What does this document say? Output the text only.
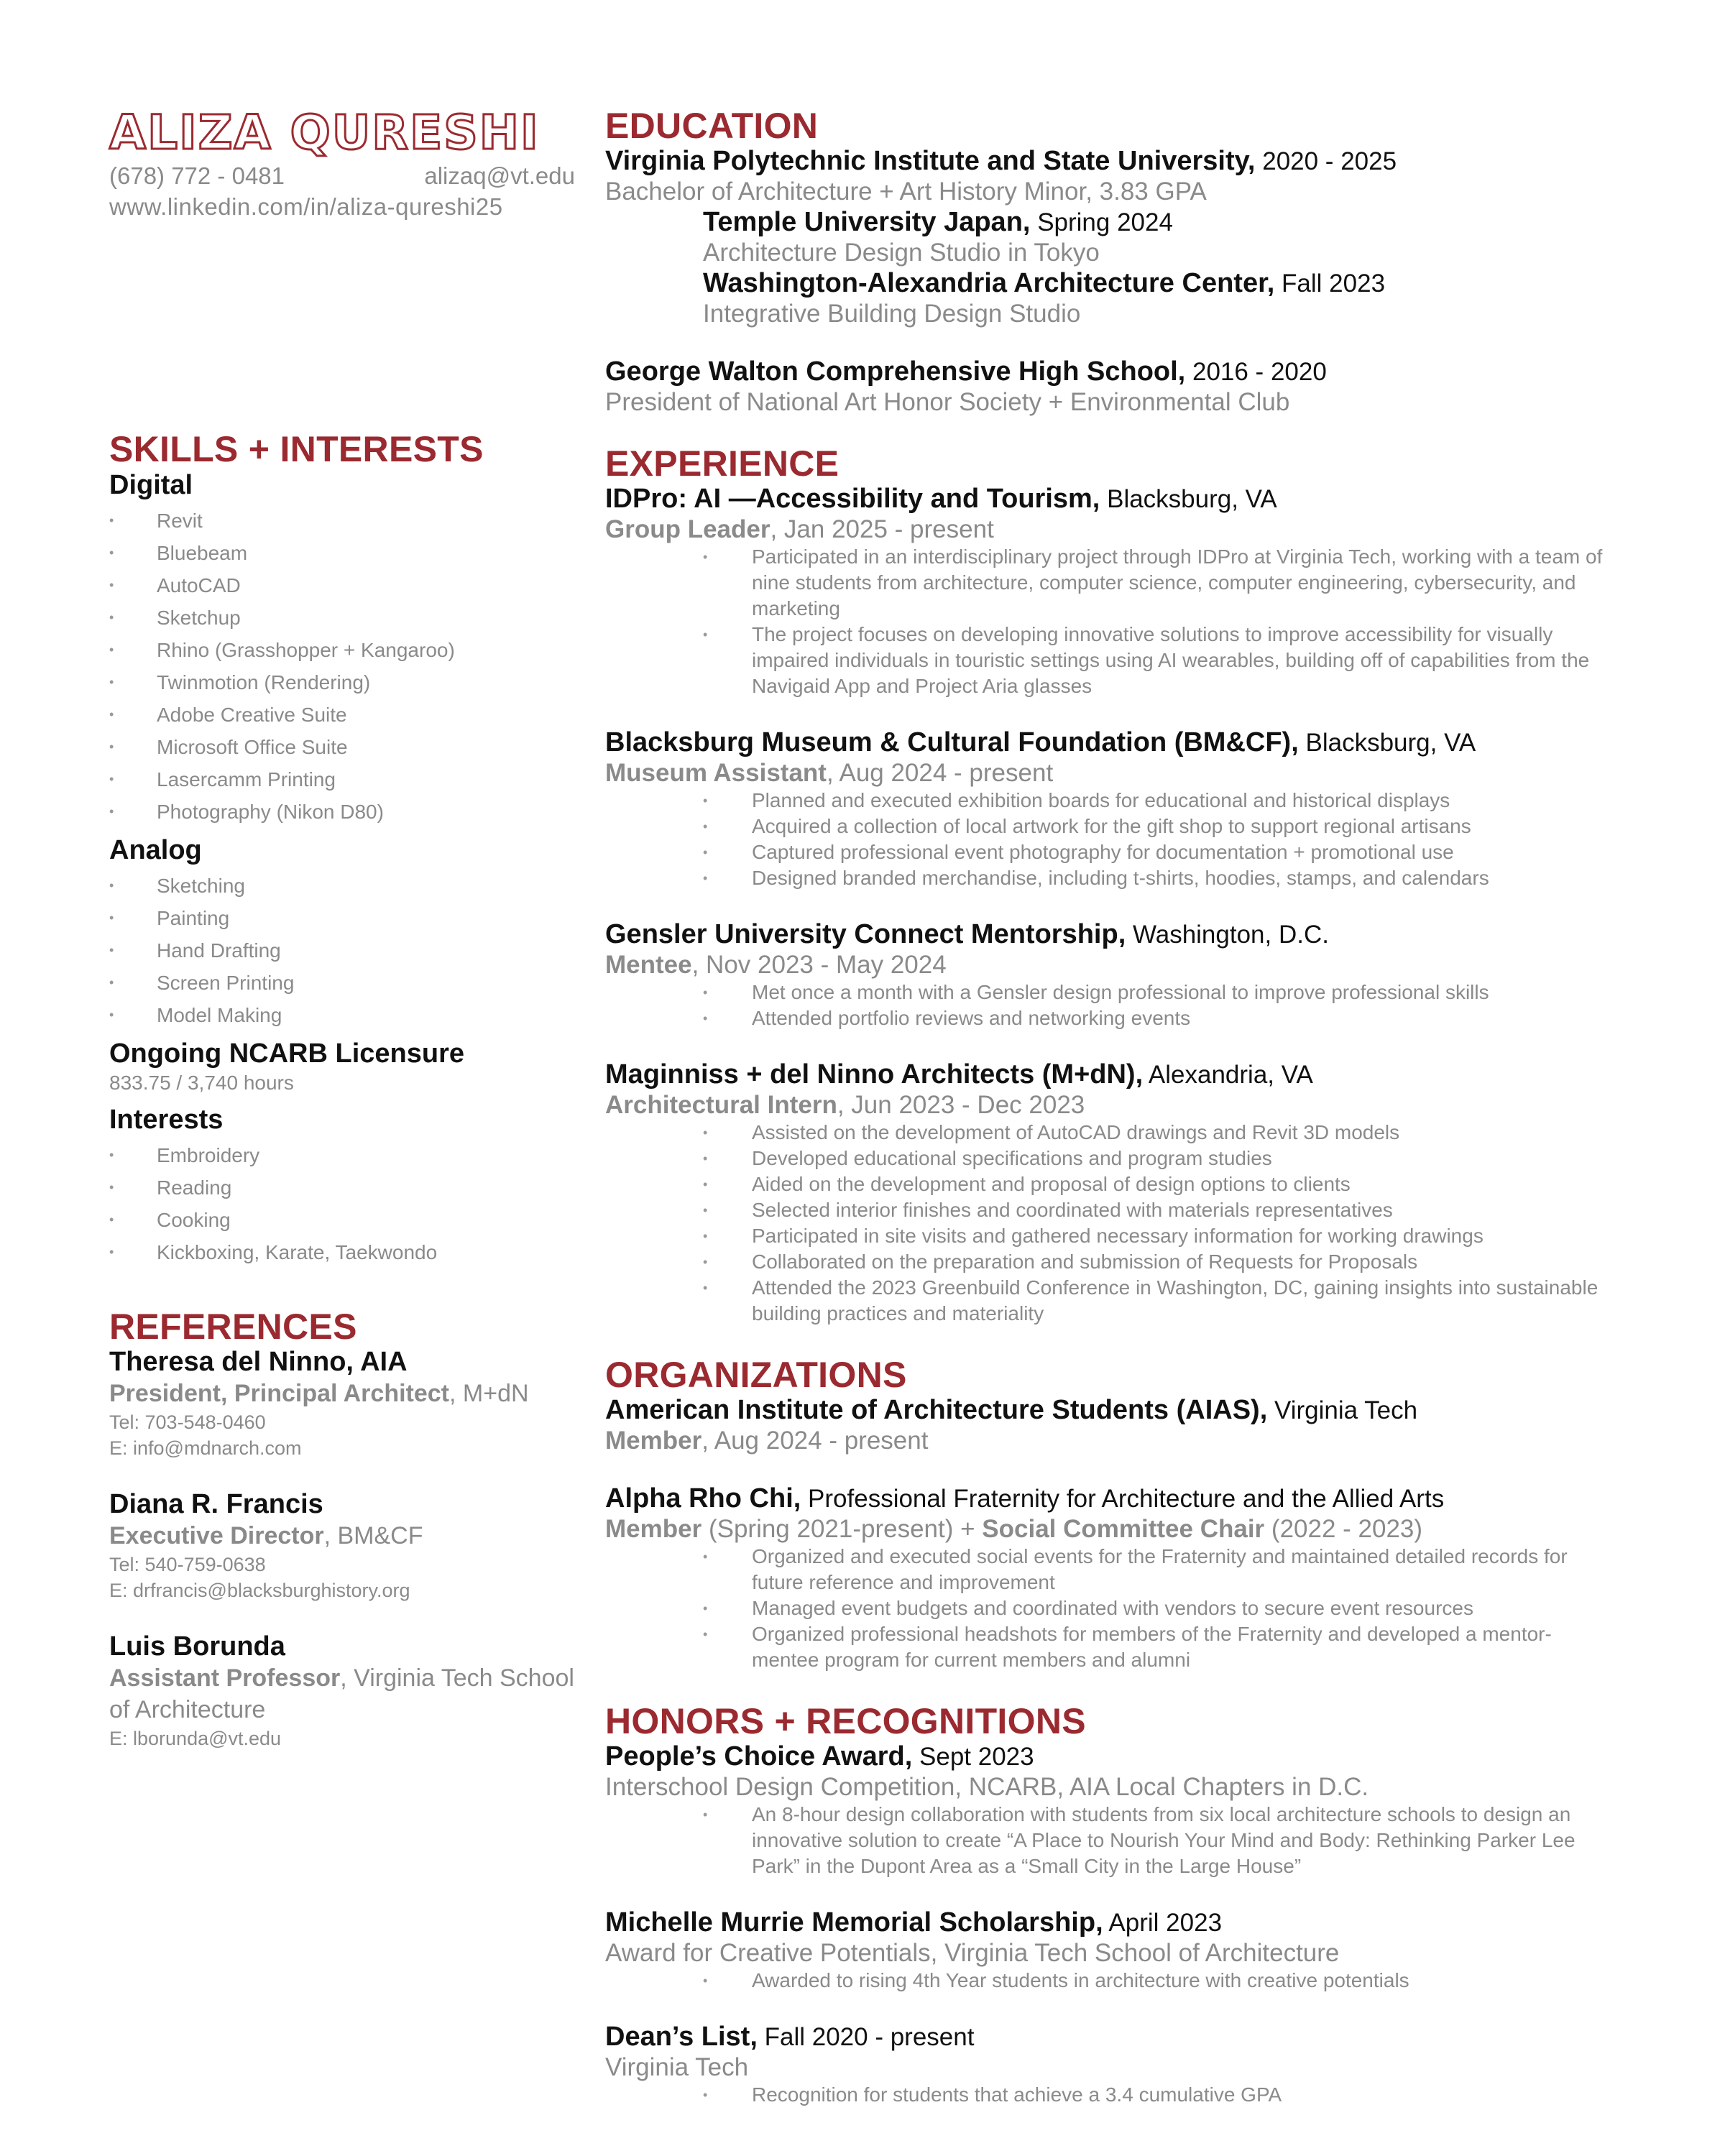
ALIZA QURESHI
(678) 772 - 0481	alizaq@vt.edu
www.linkedin.com/in/aliza-qureshi25
SKILLS + INTERESTS
Digital
• Revit
• Bluebeam
• AutoCAD
• Sketchup
• Rhino (Grasshopper + Kangaroo)
• Twinmotion (Rendering)
• Adobe Creative Suite
• Microsoft Office Suite
• Lasercamm Printing
• Photography (Nikon D80)
Analog
• Sketching
• Painting
• Hand Drafting
• Screen Printing
• Model Making
Ongoing NCARB Licensure
833.75 / 3,740 hours
Interests
• Embroidery
• Reading
• Cooking
• Kickboxing, Karate, Taekwondo
REFERENCES
Theresa del Ninno, AIA
President, Principal Architect, M+dN
Tel: 703-548-0460
E: info@mdnarch.com
Diana R. Francis
Executive Director, BM&CF
Tel: 540-759-0638
E: drfrancis@blacksburghistory.org
Luis Borunda
Assistant Professor, Virginia Tech School of Architecture
E: lborunda@vt.edu
EDUCATION
Virginia Polytechnic Institute and State University, 2020 - 2025
Bachelor of Architecture + Art History Minor, 3.83 GPA
Temple University Japan, Spring 2024
Architecture Design Studio in Tokyo
Washington-Alexandria Architecture Center, Fall 2023
Integrative Building Design Studio
George Walton Comprehensive High School, 2016 - 2020
President of National Art Honor Society + Environmental Club
EXPERIENCE
IDPro: AI —Accessibility and Tourism, Blacksburg, VA
Group Leader, Jan 2025 - present
• Participated in an interdisciplinary project through IDPro at Virginia Tech, working with a team of nine students from architecture, computer science, computer engineering, cybersecurity, and marketing
• The project focuses on developing innovative solutions to improve accessibility for visually impaired individuals in touristic settings using AI wearables, building off of capabilities from the Navigaid App and Project Aria glasses
Blacksburg Museum & Cultural Foundation (BM&CF), Blacksburg, VA
Museum Assistant, Aug 2024 - present
• Planned and executed exhibition boards for educational and historical displays
• Acquired a collection of local artwork for the gift shop to support regional artisans
• Captured professional event photography for documentation + promotional use
• Designed branded merchandise, including t-shirts, hoodies, stamps, and calendars
Gensler University Connect Mentorship, Washington, D.C.
Mentee, Nov 2023 - May 2024
• Met once a month with a Gensler design professional to improve professional skills
• Attended portfolio reviews and networking events
Maginniss + del Ninno Architects (M+dN), Alexandria, VA
Architectural Intern, Jun 2023 - Dec 2023
• Assisted on the development of AutoCAD drawings and Revit 3D models
• Developed educational specifications and program studies
• Aided on the development and proposal of design options to clients
• Selected interior finishes and coordinated with materials representatives
• Participated in site visits and gathered necessary information for working drawings
• Collaborated on the preparation and submission of Requests for Proposals
• Attended the 2023 Greenbuild Conference in Washington, DC, gaining insights into sustainable building practices and materiality
ORGANIZATIONS
American Institute of Architecture Students (AIAS), Virginia Tech
Member, Aug 2024 - present
Alpha Rho Chi, Professional Fraternity for Architecture and the Allied Arts
Member (Spring 2021-present) + Social Committee Chair (2022 - 2023)
• Organized and executed social events for the Fraternity and maintained detailed records for future reference and improvement
• Managed event budgets and coordinated with vendors to secure event resources
• Organized professional headshots for members of the Fraternity and developed a mentor-mentee program for current members and alumni
HONORS + RECOGNITIONS
People’s Choice Award, Sept 2023
Interschool Design Competition, NCARB, AIA Local Chapters in D.C.
• An 8-hour design collaboration with students from six local architecture schools to design an innovative solution to create “A Place to Nourish Your Mind and Body: Rethinking Parker Lee Park” in the Dupont Area as a “Small City in the Large House”
Michelle Murrie Memorial Scholarship, April 2023
Award for Creative Potentials, Virginia Tech School of Architecture
• Awarded to rising 4th Year students in architecture with creative potentials
Dean’s List, Fall 2020 - present
Virginia Tech
• Recognition for students that achieve a 3.4 cumulative GPA
